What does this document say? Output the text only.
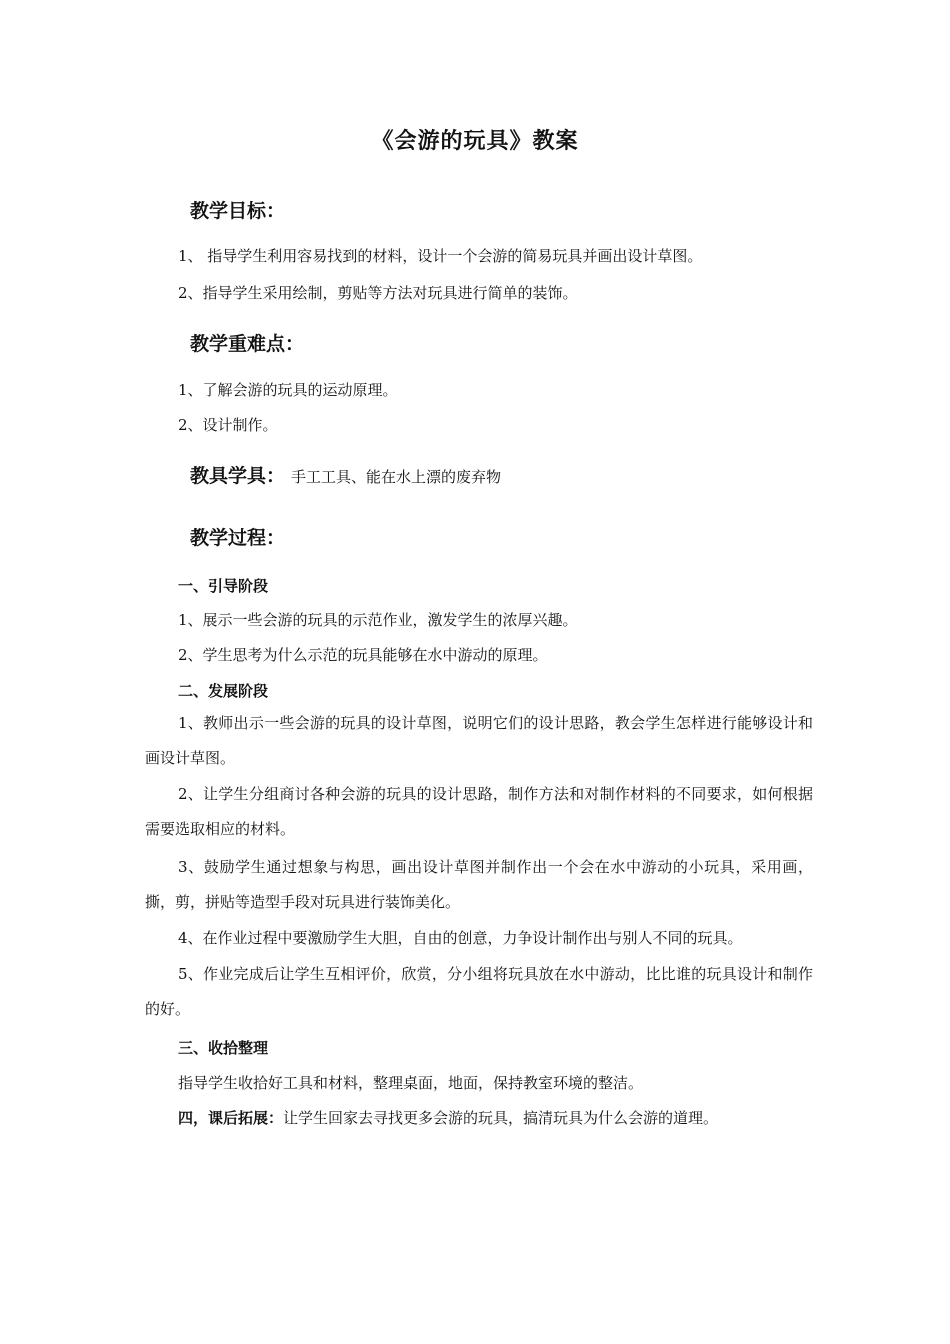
《会游的玩具》教案
教学目标：
1、 指导学生利用容易找到的材料，设计一个会游的简易玩具并画出设计草图。
2、指导学生采用绘制，剪贴等方法对玩具进行简单的装饰。
教学重难点：
1、了解会游的玩具的运动原理。
2、设计制作。
教具学具： 手工工具、能在水上漂的废弃物
教学过程：
一、引导阶段
1、展示一些会游的玩具的示范作业，激发学生的浓厚兴趣。
2、学生思考为什么示范的玩具能够在水中游动的原理。
二、发展阶段
1、教师出示一些会游的玩具的设计草图，说明它们的设计思路，教会学生怎样进行能够设计和画设计草图。
2、让学生分组商讨各种会游的玩具的设计思路，制作方法和对制作材料的不同要求，如何根据需要选取相应的材料。
3、鼓励学生通过想象与构思，画出设计草图并制作出一个会在水中游动的小玩具，采用画，撕，剪，拼贴等造型手段对玩具进行装饰美化。
4、在作业过程中要激励学生大胆，自由的创意，力争设计制作出与别人不同的玩具。
5、作业完成后让学生互相评价，欣赏，分小组将玩具放在水中游动，比比谁的玩具设计和制作的好。
三、收拾整理
指导学生收拾好工具和材料，整理桌面，地面，保持教室环境的整洁。
四，课后拓展：让学生回家去寻找更多会游的玩具，搞清玩具为什么会游的道理。
